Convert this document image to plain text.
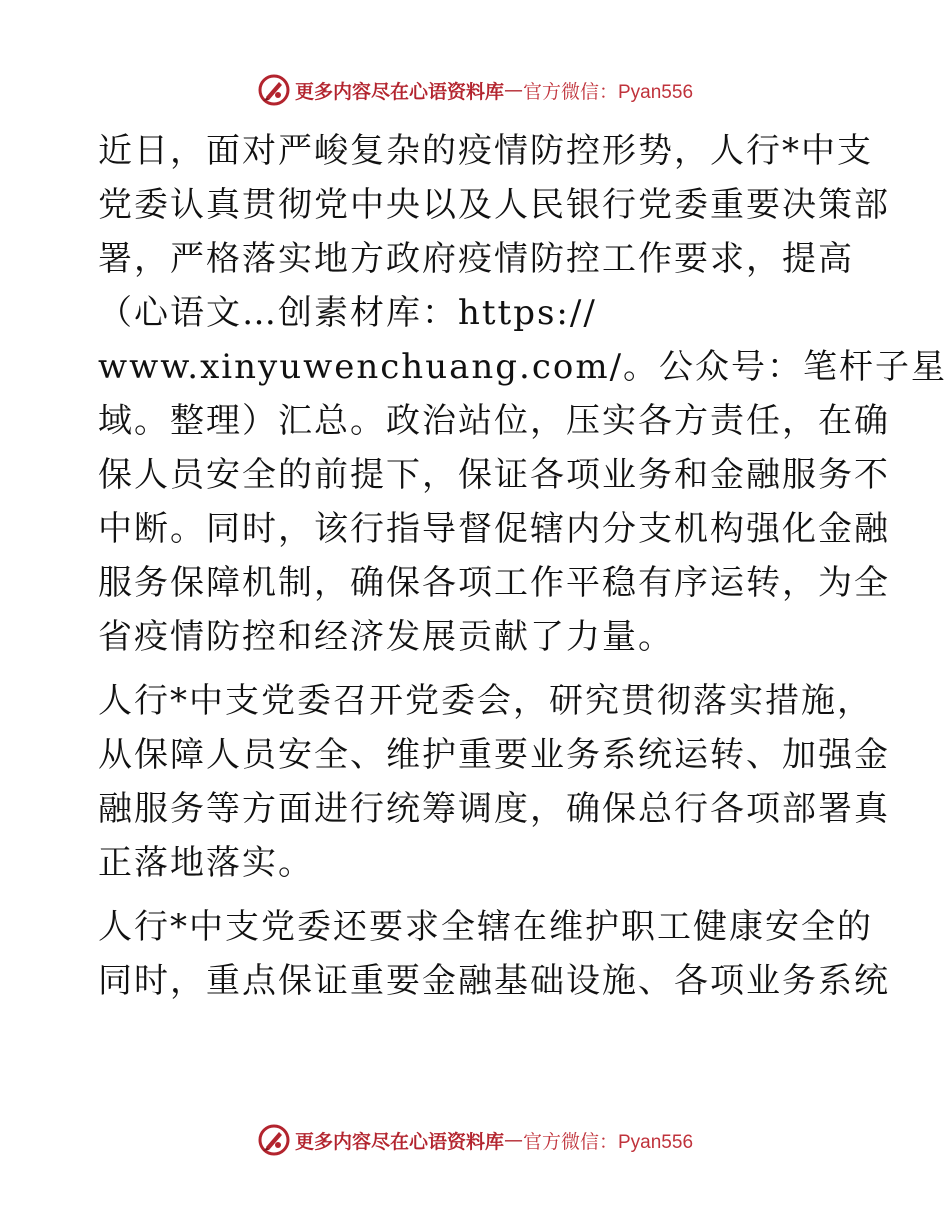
更多内容尽在心语资料库 — 官方微信：Pyan556

近日，面对严峻复杂的疫情防控形势，人行*中支
党委认真贯彻党中央以及人民银行党委重要决策部
署，严格落实地方政府疫情防控工作要求，提高
（心语文…创素材库：https://
www.xinyuwenchuang.com/。公众号：笔杆子星
域。整理）汇总。政治站位，压实各方责任，在确
保人员安全的前提下，保证各项业务和金融服务不
中断。同时，该行指导督促辖内分支机构强化金融
服务保障机制，确保各项工作平稳有序运转，为全
省疫情防控和经济发展贡献了力量。

人行*中支党委召开党委会，研究贯彻落实措施，
从保障人员安全、维护重要业务系统运转、加强金
融服务等方面进行统筹调度，确保总行各项部署真
正落地落实。

人行*中支党委还要求全辖在维护职工健康安全的
同时，重点保证重要金融基础设施、各项业务系统

更多内容尽在心语资料库 — 官方微信：Pyan556
